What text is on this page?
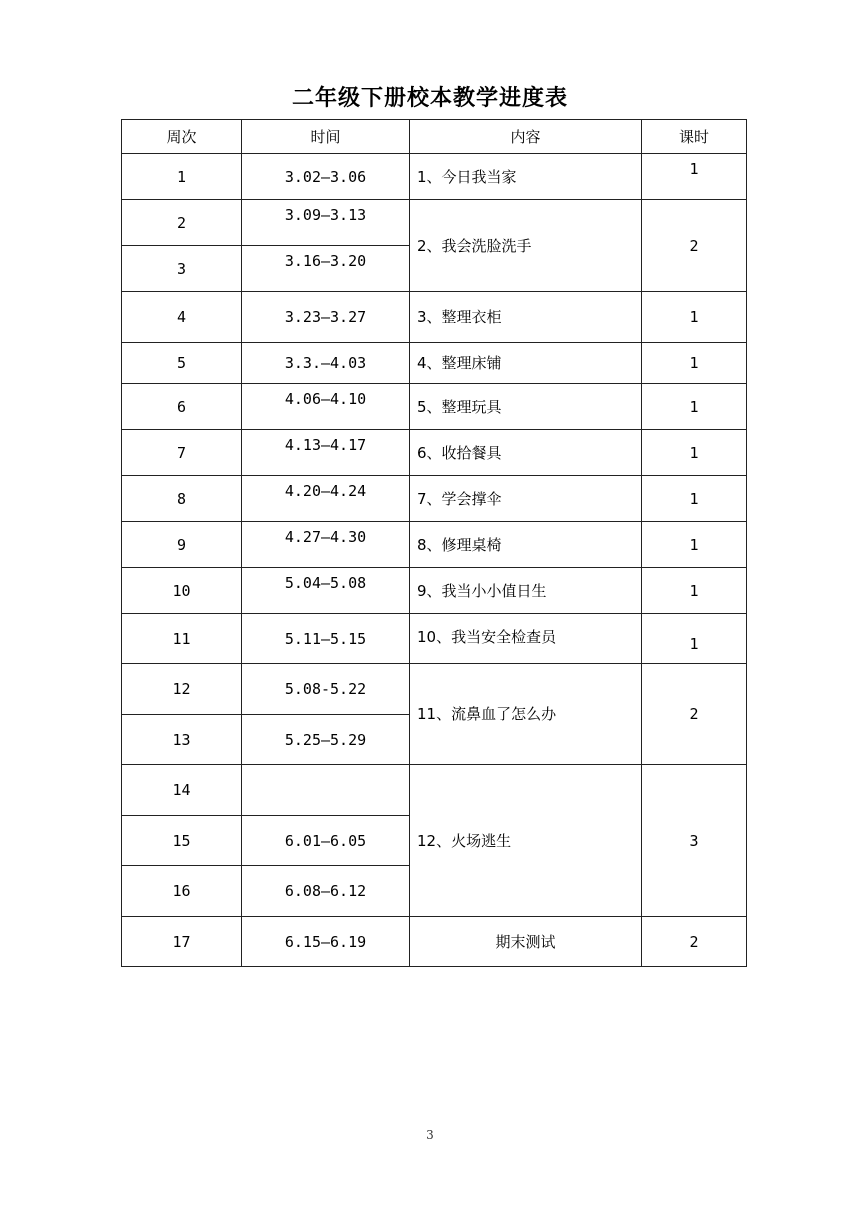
二年级下册校本教学进度表
周次	时间	内容	课时
1	3.02—3.06	1、今日我当家	1
2	3.09—3.13	2、我会洗脸洗手	2
3	3.16—3.20		
4	3.23—3.27	3、整理衣柜	1
5	3.3.—4.03	4、整理床铺	1
6	4.06—4.10	5、整理玩具	1
7	4.13—4.17	6、收拾餐具	1
8	4.20—4.24	7、学会撑伞	1
9	4.27—4.30	8、修理桌椅	1
10	5.04—5.08	9、我当小小值日生	1
11	5.11—5.15	10、我当安全检查员	1
12	5.08-5.22	11、流鼻血了怎么办	2
13	5.25—5.29		
14		12、火场逃生	3
15	6.01—6.05		
16	6.08—6.12		
17	6.15—6.19	期末测试	2
3
